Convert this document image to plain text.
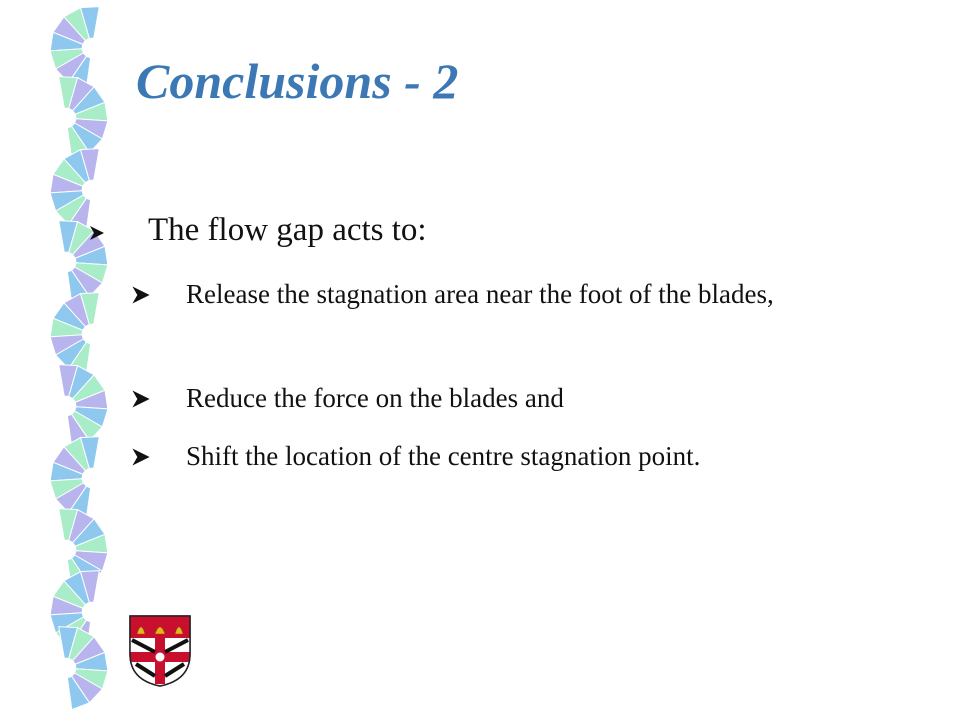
Conclusions - 2
The flow gap acts to:
Release the stagnation area near the foot of the blades,
Reduce the force on the blades and
Shift the location of the centre stagnation point.
